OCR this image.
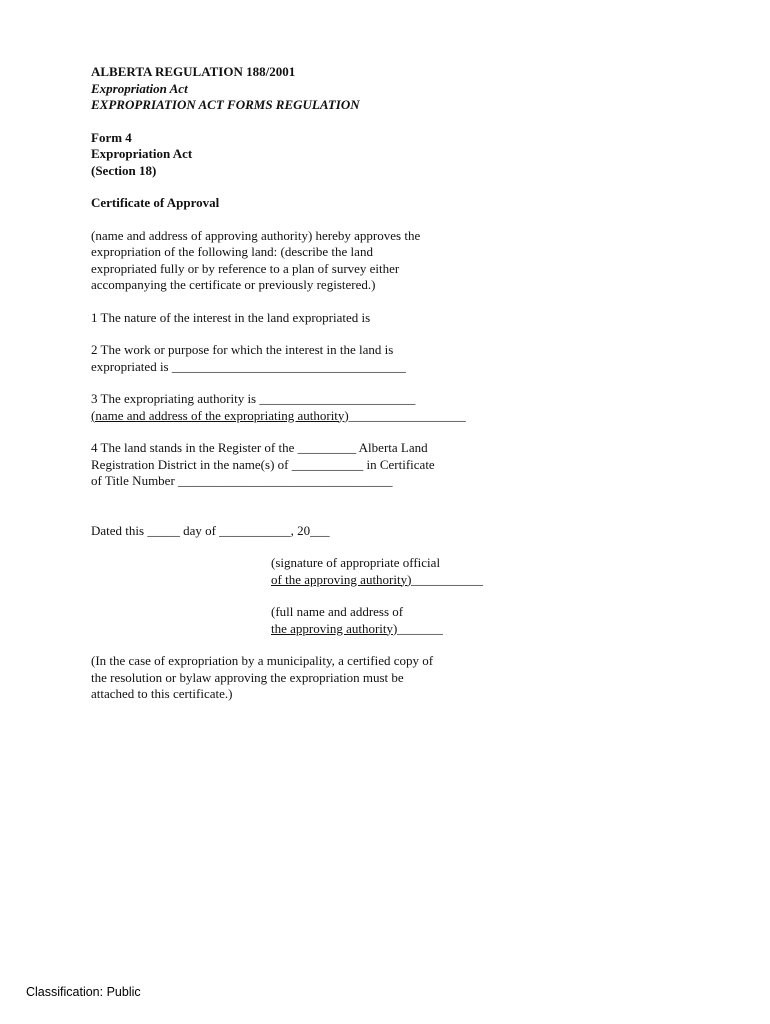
ALBERTA REGULATION 188/2001
Expropriation Act
EXPROPRIATION ACT FORMS REGULATION
Form 4
Expropriation Act
(Section 18)
Certificate of Approval
(name and address of approving authority) hereby approves the
expropriation of the following land: (describe the land
expropriated fully or by reference to a plan of survey either
accompanying the certificate or previously registered.)
1 The nature of the interest in the land expropriated is
2 The work or purpose for which the interest in the land is
expropriated is ____________________________________
3 The expropriating authority is ________________________
(name and address of the expropriating authority)__________________
4 The land stands in the Register of the _________ Alberta Land
Registration District in the name(s) of ___________ in Certificate
of Title Number _________________________________
Dated this _____ day of ___________, 20___
(signature of appropriate official
of the approving authority)___________
(full name and address of
the approving authority)_______
(In the case of expropriation by a municipality, a certified copy of
the resolution or bylaw approving the expropriation must be
attached to this certificate.)
Classification: Public
